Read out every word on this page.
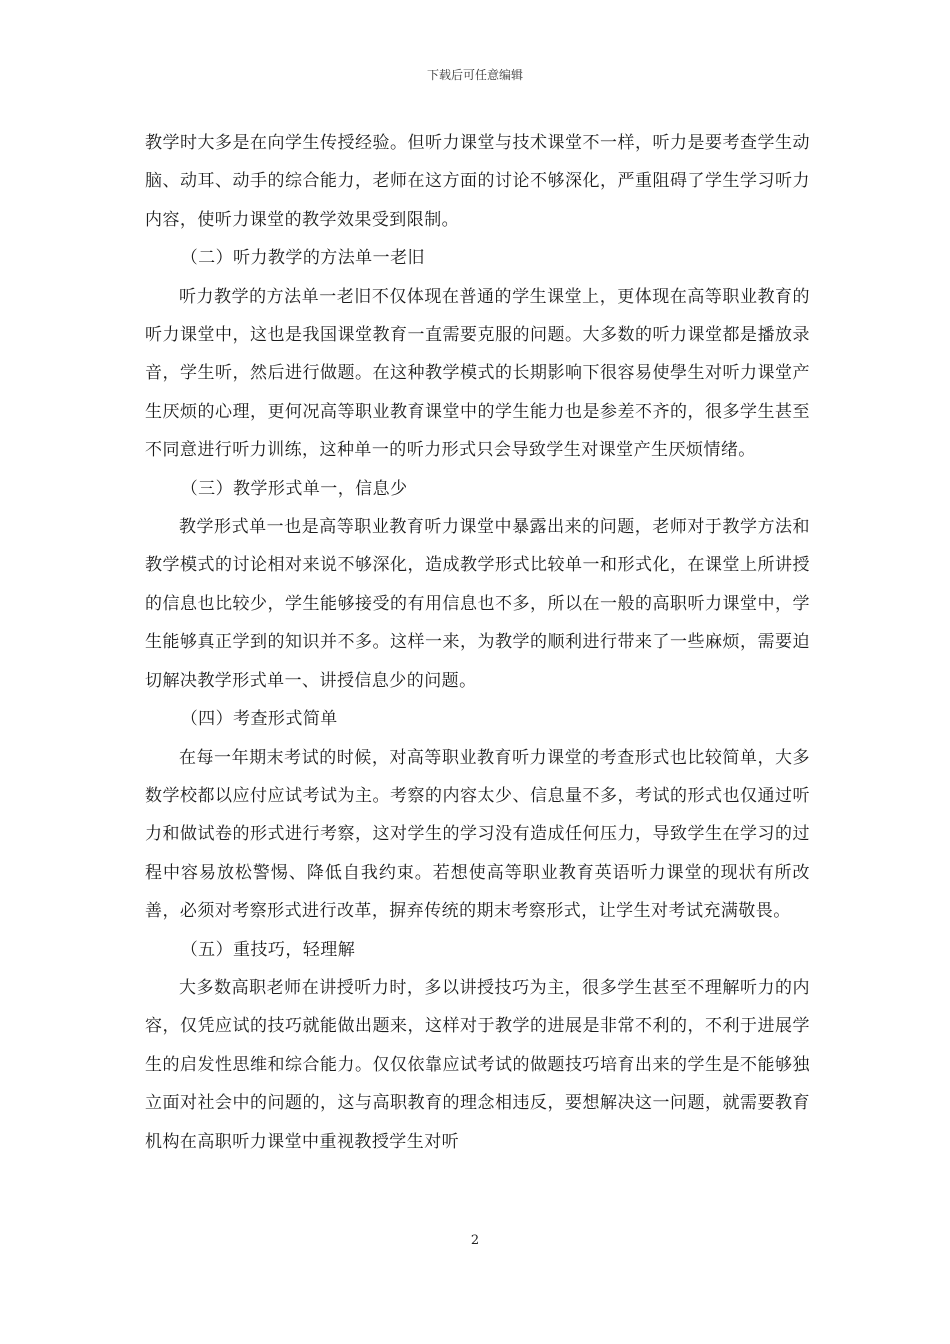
下载后可任意编辑

教学时大多是在向学生传授经验。但听力课堂与技术课堂不一样，听力是要考查学生动脑、动耳、动手的综合能力，老师在这方面的讨论不够深化，严重阻碍了学生学习听力内容，使听力课堂的教学效果受到限制。

（二）听力教学的方法单一老旧

听力教学的方法单一老旧不仅体现在普通的学生课堂上，更体现在高等职业教育的听力课堂中，这也是我国课堂教育一直需要克服的问题。大多数的听力课堂都是播放录音，学生听，然后进行做题。在这种教学模式的长期影响下很容易使學生对听力课堂产生厌烦的心理，更何况高等职业教育课堂中的学生能力也是参差不齐的，很多学生甚至不同意进行听力训练，这种单一的听力形式只会导致学生对课堂产生厌烦情绪。

（三）教学形式单一，信息少

教学形式单一也是高等职业教育听力课堂中暴露出来的问题，老师对于教学方法和教学模式的讨论相对来说不够深化，造成教学形式比较单一和形式化，在课堂上所讲授的信息也比较少，学生能够接受的有用信息也不多，所以在一般的高职听力课堂中，学生能够真正学到的知识并不多。这样一来，为教学的顺利进行带来了一些麻烦，需要迫切解决教学形式单一、讲授信息少的问题。

（四）考查形式简单

在每一年期末考试的时候，对高等职业教育听力课堂的考查形式也比较简单，大多数学校都以应付应试考试为主。考察的内容太少、信息量不多，考试的形式也仅通过听力和做试卷的形式进行考察，这对学生的学习没有造成任何压力，导致学生在学习的过程中容易放松警惕、降低自我约束。若想使高等职业教育英语听力课堂的现状有所改善，必须对考察形式进行改革，摒弃传统的期末考察形式，让学生对考试充满敬畏。

（五）重技巧，轻理解

大多数高职老师在讲授听力时，多以讲授技巧为主，很多学生甚至不理解听力的内容，仅凭应试的技巧就能做出题来，这样对于教学的进展是非常不利的，不利于进展学生的启发性思维和综合能力。仅仅依靠应试考试的做题技巧培育出来的学生是不能够独立面对社会中的问题的，这与高职教育的理念相违反，要想解决这一问题，就需要教育机构在高职听力课堂中重视教授学生对听

2
